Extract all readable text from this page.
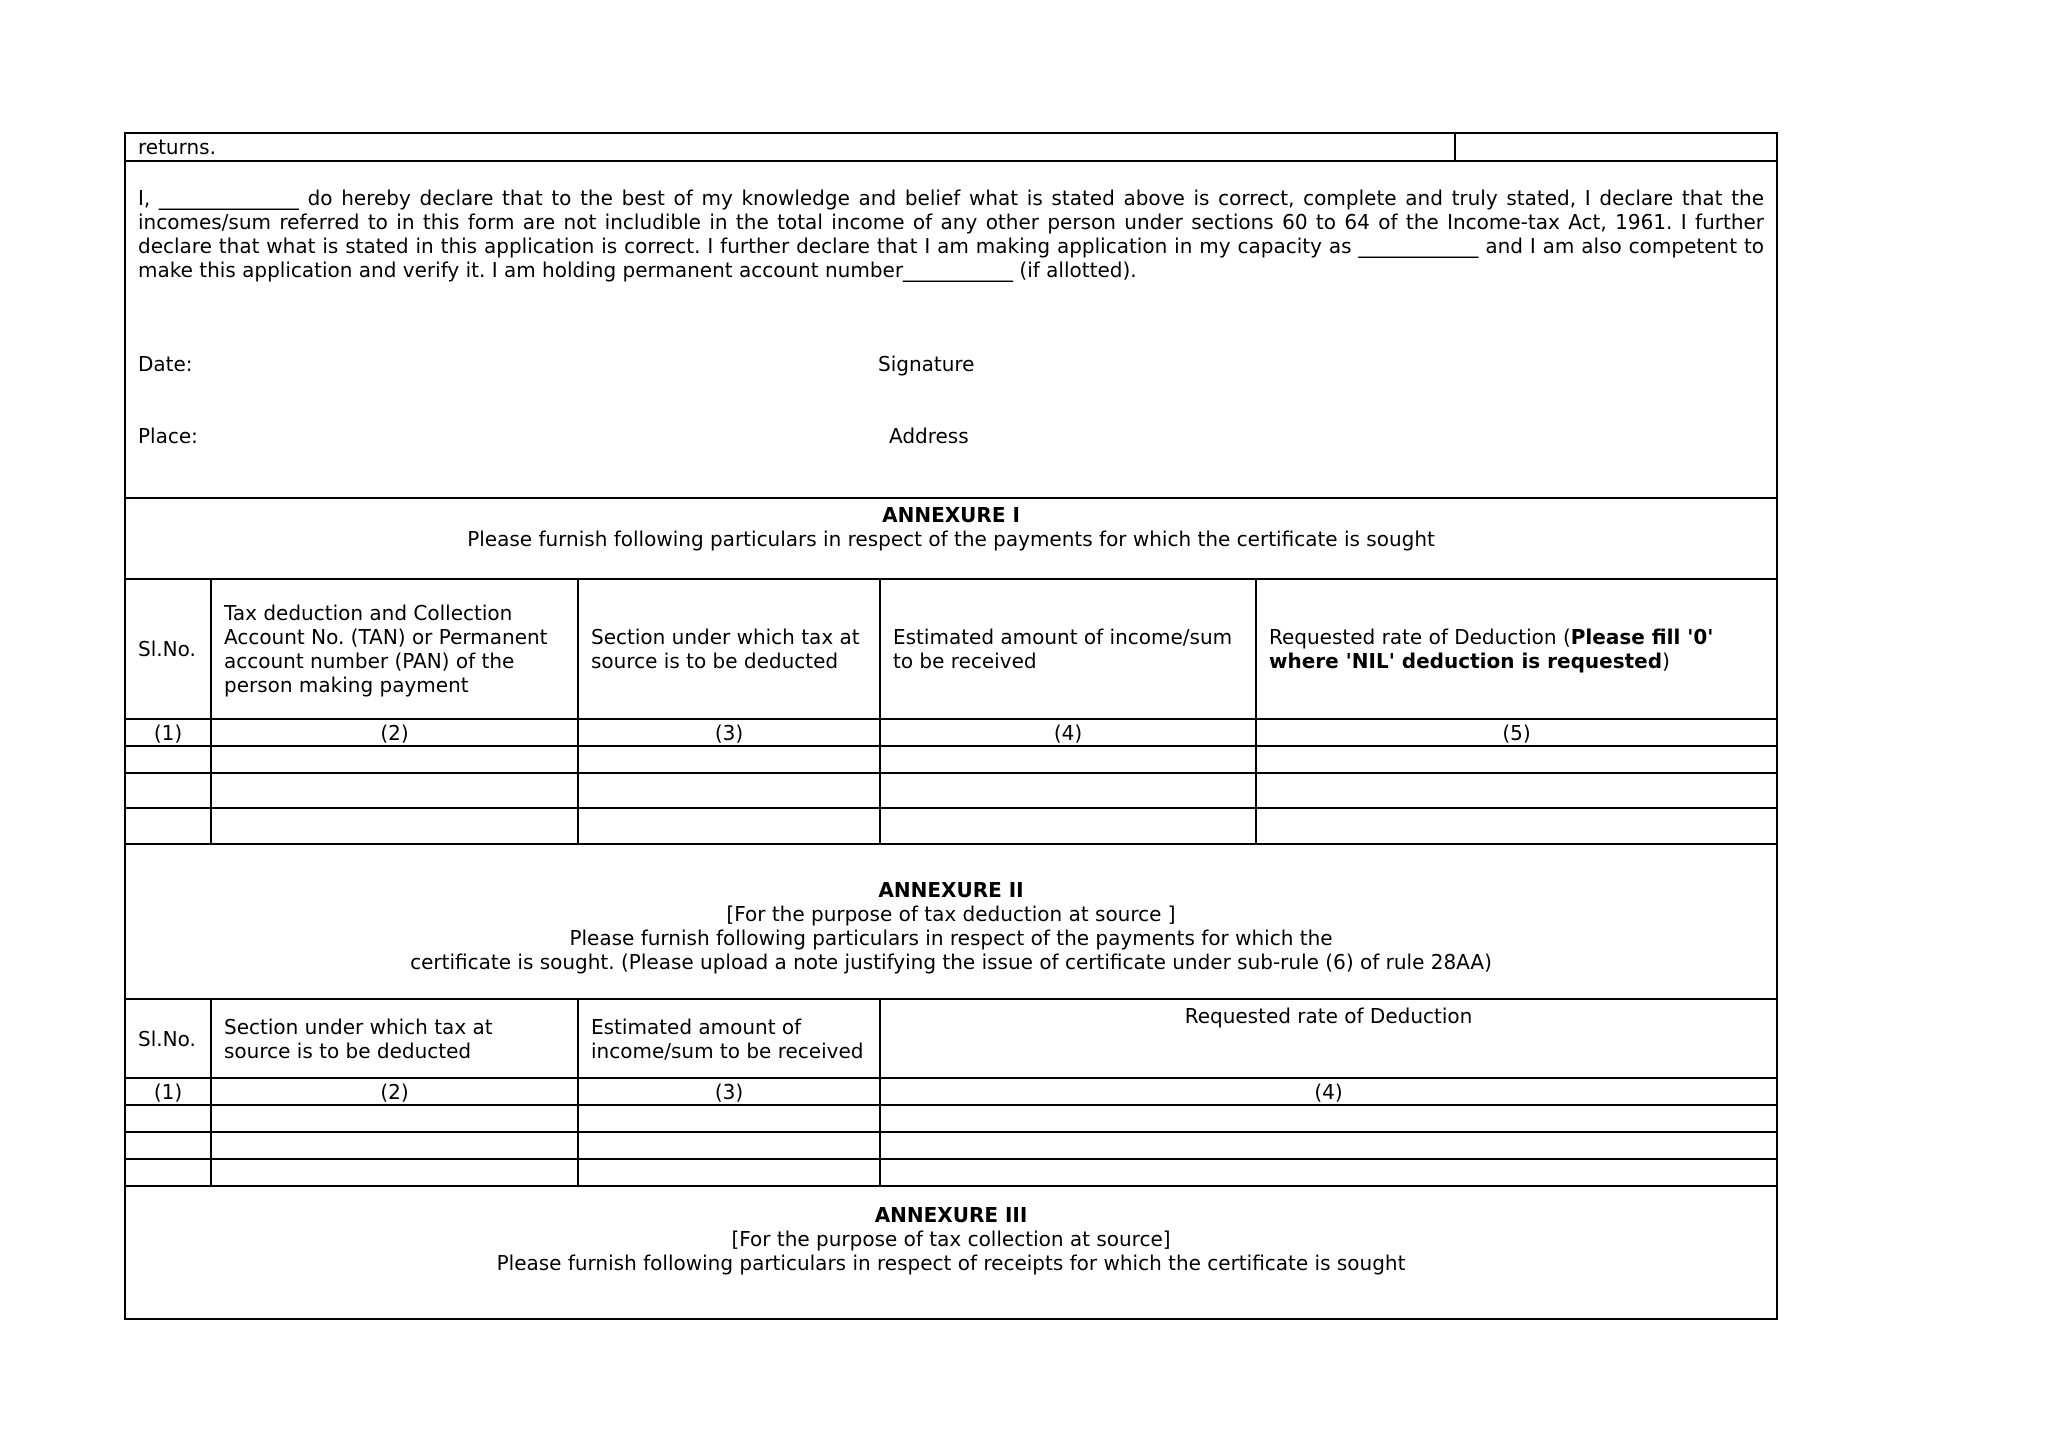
returns.					

I, ______________ do hereby declare that to the best of my knowledge and belief what is stated above is correct, complete and truly stated, I declare that the incomes/sum referred to in this form are not includible in the total income of any other person under sections 60 to 64 of the Income-tax Act, 1961. I further declare that what is stated in this application is correct. I further declare that I am making application in my capacity as ____________ and I am also competent to make this application and verify it. I am holding permanent account number___________ (if allotted).
Date: Signature
Place: Address					

ANNEXURE I
Please furnish following particulars in respect of the payments for which the certificate is sought					

Sl.No.	Tax deduction and Collection Account No. (TAN) or Permanent account number (PAN) of the person making payment	Section under which tax at source is to be deducted	Estimated amount of income/sum to be received	Requested rate of Deduction (Please fill '0' where 'NIL' deduction is requested)	
(1)	(2)	(3)	(4)	(5)	

ANNEXURE II
[For the purpose of tax deduction at source ]
Please furnish following particulars in respect of the payments for which the
certificate is sought. (Please upload a note justifying the issue of certificate under sub-rule (6) of rule 28AA)					

Sl.No.	Section under which tax at source is to be deducted	Estimated amount of income/sum to be received	Requested rate of Deduction		
(1)	(2)	(3)	(4)		

ANNEXURE III
[For the purpose of tax collection at source]
Please furnish following particulars in respect of receipts for which the certificate is sought					
